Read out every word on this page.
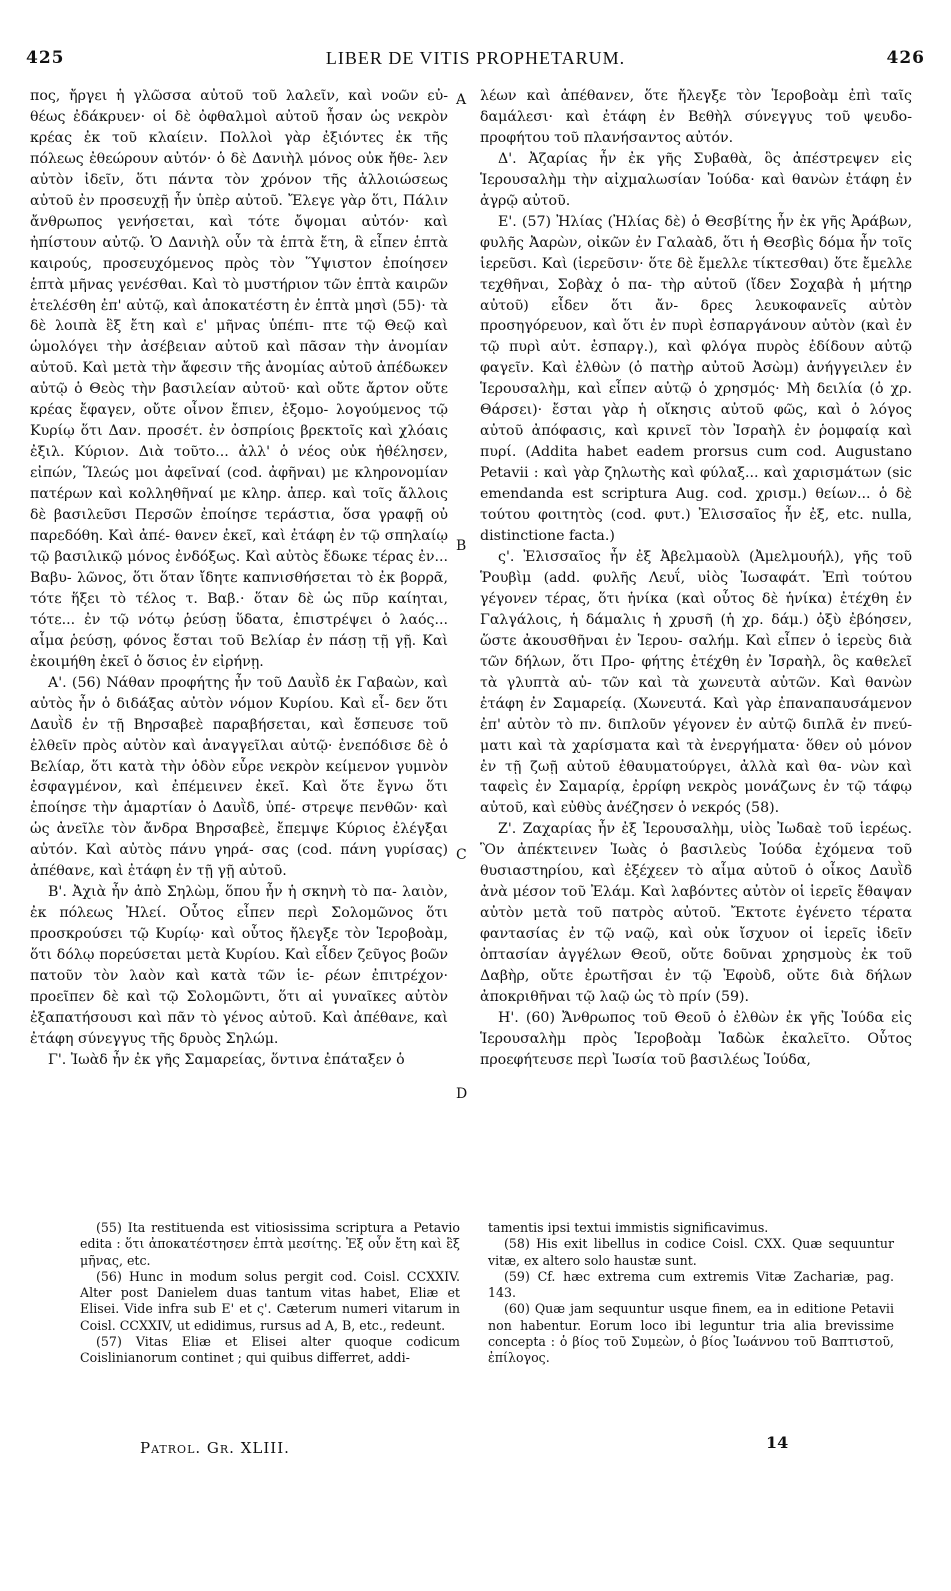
425	LIBER DE VITIS PROPHETARUM.	426

πος, ἤργει ἡ γλῶσσα αὐτοῦ τοῦ λαλεῖν, καὶ νοῶν εὐ- θέως ἐδάκρυεν· οἱ δὲ ὀφθαλμοὶ αὐτοῦ ἦσαν ὡς νεκρὸν κρέας ἐκ τοῦ κλαίειν. Πολλοὶ γὰρ ἐξιόντες ἐκ τῆς πόλεως ἐθεώρουν αὐτόν· ὁ δὲ Δανιὴλ μόνος οὐκ ἤθε- λεν αὐτὸν ἰδεῖν, ὅτι πάντα τὸν χρόνον τῆς ἀλλοιώσεως αὐτοῦ ἐν προσευχῇ ἦν ὑπὲρ αὐτοῦ. Ἔλεγε γὰρ ὅτι, Πάλιν ἄνθρωπος γενήσεται, καὶ τότε ὄψομαι αὐτόν· καὶ ἠπίστουν αὐτῷ. Ὁ Δανιὴλ οὖν τὰ ἑπτὰ ἔτη, ἃ εἶπεν ἑπτὰ καιρούς, προσευχόμενος πρὸς τὸν Ὕψιστον ἐποίησεν ἑπτὰ μῆνας γενέσθαι. Καὶ τὸ μυστήριον τῶν ἑπτὰ καιρῶν ἐτελέσθη ἐπ' αὐτῷ, καὶ ἀποκατέστη ἐν ἑπτὰ μησὶ (55)· τὰ δὲ λοιπὰ ἓξ ἔτη καὶ ε' μῆνας ὑπέπι- πτε τῷ Θεῷ καὶ ὡμολόγει τὴν ἀσέβειαν αὐτοῦ καὶ πᾶσαν τὴν ἀνομίαν αὐτοῦ. Καὶ μετὰ τὴν ἄφεσιν τῆς ἀνομίας αὐτοῦ ἀπέδωκεν αὐτῷ ὁ Θεὸς τὴν βασιλείαν αὐτοῦ· καὶ οὔτε ἄρτον οὔτε κρέας ἔφαγεν, οὔτε οἶνον ἔπιεν, ἐξομο- λογούμενος τῷ Κυρίῳ ὅτι Δαν. προσέτ. ἐν ὀσπρίοις βρεκτοῖς καὶ χλόαις ἐξιλ. Κύριον. Διὰ τοῦτο... ἀλλ' ὁ νέος οὐκ ἠθέλησεν, εἰπών, Ἵλεώς μοι ἀφεῖναί (cod. ἀφῆναι) με κληρονομίαν πατέρων καὶ κολληθῆναί με κληρ. ἀπερ. καὶ τοῖς ἄλλοις δὲ βασιλεῦσι Περσῶν ἐποίησε τεράστια, ὅσα γραφῇ οὐ παρεδόθη. Καὶ ἀπέ- θανεν ἐκεῖ, καὶ ἐτάφη ἐν τῷ σπηλαίῳ τῷ βασιλικῷ μόνος ἐνδόξως. Καὶ αὐτὸς ἔδωκε τέρας ἐν... Βαβυ- λῶνος, ὅτι ὅταν ἴδητε καπνισθήσεται τὸ ἐκ βορρᾶ, τότε ἥξει τὸ τέλος τ. Βαβ.· ὅταν δὲ ὡς πῦρ καίηται, τότε... ἐν τῷ νότῳ ῥεύσῃ ὕδατα, ἐπιστρέψει ὁ λαός... αἷμα ῥεύσῃ, φόνος ἔσται τοῦ Βελίαρ ἐν πάσῃ τῇ γῇ. Καὶ ἐκοιμήθη ἐκεῖ ὁ ὅσιος ἐν εἰρήνῃ.

Α'. (56) Νάθαν προφήτης ἦν τοῦ Δαυῒδ ἐκ Γαβαὼν, καὶ αὐτὸς ἦν ὁ διδάξας αὐτὸν νόμον Κυρίου. Καὶ εἶ- δεν ὅτι Δαυῒδ ἐν τῇ Βηρσαβεὲ παραβήσεται, καὶ ἔσπευσε τοῦ ἐλθεῖν πρὸς αὐτὸν καὶ ἀναγγεῖλαι αὐτῷ· ἐνεπόδισε δὲ ὁ Βελίαρ, ὅτι κατὰ τὴν ὁδὸν εὗρε νεκρὸν κείμενον γυμνὸν ἐσφαγμένον, καὶ ἐπέμεινεν ἐκεῖ. Καὶ ὅτε ἔγνω ὅτι ἐποίησε τὴν ἁμαρτίαν ὁ Δαυῒδ, ὑπέ- στρεψε πενθῶν· καὶ ὡς ἀνεῖλε τὸν ἄνδρα Βηρσαβεὲ, ἔπεμψε Κύριος ἐλέγξαι αὐτόν. Καὶ αὐτὸς πάνυ γηρά- σας (cod. πάνη γυρίσας) ἀπέθανε, καὶ ἐτάφη ἐν τῇ γῇ αὐτοῦ.

Β'. Ἀχιὰ ἦν ἀπὸ Σηλὼμ, ὅπου ἦν ἡ σκηνὴ τὸ πα- λαιὸν, ἐκ πόλεως Ἠλεί. Οὗτος εἶπεν περὶ Σολομῶνος ὅτι προσκρούσει τῷ Κυρίῳ· καὶ οὗτος ἤλεγξε τὸν Ἱεροβοὰμ, ὅτι δόλῳ πορεύσεται μετὰ Κυρίου. Καὶ εἶδεν ζεῦγος βοῶν πατοῦν τὸν λαὸν καὶ κατὰ τῶν ἱε- ρέων ἐπιτρέχον· προεῖπεν δὲ καὶ τῷ Σολομῶντι, ὅτι αἱ γυναῖκες αὐτὸν ἐξαπατήσουσι καὶ πᾶν τὸ γένος αὐτοῦ. Καὶ ἀπέθανε, καὶ ἐτάφη σύνεγγυς τῆς δρυὸς Σηλώμ.

Γ'. Ἰωὰδ ἦν ἐκ γῆς Σαμαρείας, ὅντινα ἐπάταξεν ὁ

A
B
C
D

λέων καὶ ἀπέθανεν, ὅτε ἤλεγξε τὸν Ἱεροβοὰμ ἐπὶ ταῖς δαμάλεσι· καὶ ἐτάφη ἐν Βεθὴλ σύνεγγυς τοῦ ψευδο- προφήτου τοῦ πλανήσαντος αὐτόν.

Δ'. Ἀζαρίας ἦν ἐκ γῆς Συβαθὰ, ὃς ἀπέστρεψεν εἰς Ἱερουσαλὴμ τὴν αἰχμαλωσίαν Ἰούδα· καὶ θανὼν ἐτάφη ἐν ἀγρῷ αὐτοῦ.

Ε'. (57) Ἠλίας (Ἠλίας δὲ) ὁ Θεσβίτης ἦν ἐκ γῆς Ἀράβων, φυλῆς Ἀαρὼν, οἰκῶν ἐν Γαλαὰδ, ὅτι ἡ Θεσβὶς δόμα ἦν τοῖς ἱερεῦσι. Καὶ (ἱερεῦσιν· ὅτε δὲ ἔμελλε τίκτεσθαι) ὅτε ἔμελλε τεχθῆναι, Σοβὰχ ὁ πα- τὴρ αὐτοῦ (ἴδεν Σοχαβὰ ἡ μήτηρ αὐτοῦ) εἶδεν ὅτι ἄν- δρες λευκοφανεῖς αὐτὸν προσηγόρευον, καὶ ὅτι ἐν πυρὶ ἐσπαργάνουν αὐτὸν (καὶ ἐν τῷ πυρὶ αὐτ. ἐσπαργ.), καὶ φλόγα πυρὸς ἐδίδουν αὐτῷ φαγεῖν. Καὶ ἐλθὼν (ὁ πατὴρ αὐτοῦ Ἀσὼμ) ἀνήγγειλεν ἐν Ἱερουσαλὴμ, καὶ εἶπεν αὐτῷ ὁ χρησμός· Μὴ δειλία (ὁ χρ. Θάρσει)· ἔσται γὰρ ἡ οἴκησις αὐτοῦ φῶς, καὶ ὁ λόγος αὐτοῦ ἀπόφασις, καὶ κρινεῖ τὸν Ἰσραὴλ ἐν ῥομφαίᾳ καὶ πυρί. (Addita habet eadem prorsus cum cod. Augustano Petavii : καὶ γὰρ ζηλωτὴς καὶ φύλαξ... καὶ χαρισμάτων (sic emendanda est scriptura Aug. cod. χρισμ.) θείων... ὁ δὲ τούτου φοιτητὸς (cod. φυτ.) Ἐλισσαῖος ἦν ἐξ, etc. nulla, distinctione facta.)

ς'. Ἐλισσαῖος ἦν ἐξ Ἀβελμαοὺλ (Ἀμελμουήλ), γῆς τοῦ Ῥουβὶμ (add. φυλῆς Λευΐ, υἱὸς Ἰωσαφάτ. Ἐπὶ τούτου γέγονεν τέρας, ὅτι ἡνίκα (καὶ οὗτος δὲ ἡνίκα) ἐτέχθη ἐν Γαλγάλοις, ἡ δάμαλις ἡ χρυσῆ (ἡ χρ. δάμ.) ὀξὺ ἐβόησεν, ὥστε ἀκουσθῆναι ἐν Ἱερου- σαλήμ. Καὶ εἶπεν ὁ ἱερεὺς διὰ τῶν δήλων, ὅτι Προ- φήτης ἐτέχθη ἐν Ἰσραὴλ, ὃς καθελεῖ τὰ γλυπτὰ αὐ- τῶν καὶ τὰ χωνευτὰ αὐτῶν. Καὶ θανὼν ἐτάφη ἐν Σαμαρείᾳ. (Χωνευτά. Καὶ γὰρ ἐπαναπαυσάμενον ἐπ' αὐτὸν τὸ πν. διπλοῦν γέγονεν ἐν αὐτῷ διπλᾶ ἐν πνεύ- ματι καὶ τὰ χαρίσματα καὶ τὰ ἐνεργήματα· ὅθεν οὐ μόνον ἐν τῇ ζωῇ αὐτοῦ ἐθαυματούργει, ἀλλὰ καὶ θα- νὼν καὶ ταφεὶς ἐν Σαμαρίᾳ, ἐρρίφη νεκρὸς μονάζωνς ἐν τῷ τάφῳ αὐτοῦ, καὶ εὐθὺς ἀνέζησεν ὁ νεκρός (58).

Ζ'. Ζαχαρίας ἦν ἐξ Ἱερουσαλὴμ, υἱὸς Ἰωδαὲ τοῦ ἱερέως. Ὃν ἀπέκτεινεν Ἰωὰς ὁ βασιλεὺς Ἰούδα ἐχόμενα τοῦ θυσιαστηρίου, καὶ ἐξέχεεν τὸ αἷμα αὐτοῦ ὁ οἶκος Δαυῒδ ἀνὰ μέσον τοῦ Ἐλάμ. Καὶ λαβόντες αὐτὸν οἱ ἱερεῖς ἔθαψαν αὐτὸν μετὰ τοῦ πατρὸς αὐτοῦ. Ἔκτοτε ἐγένετο τέρατα φαντασίας ἐν τῷ ναῷ, καὶ οὐκ ἴσχυον οἱ ἱερεῖς ἰδεῖν ὀπτασίαν ἀγγέλων Θεοῦ, οὔτε δοῦναι χρησμοὺς ἐκ τοῦ Δαβὴρ, οὔτε ἐρωτῆσαι ἐν τῷ Ἐφοὺδ, οὔτε διὰ δήλων ἀποκριθῆναι τῷ λαῷ ὡς τὸ πρίν (59).

Η'. (60) Ἄνθρωπος τοῦ Θεοῦ ὁ ἐλθὼν ἐκ γῆς Ἰούδα εἰς Ἱερουσαλὴμ πρὸς Ἱεροβοὰμ Ἰαδὼκ ἐκαλεῖτο. Οὗτος προεφήτευσε περὶ Ἰωσία τοῦ βασιλέως Ἰούδα,

(55) Ita restituenda est vitiosissima scriptura a Petavio edita : ὅτι ἀποκατέστησεν ἑπτὰ μεσίτης. Ἐξ οὖν ἔτη καὶ ἓξ μῆνας, etc.

(56) Hunc in modum solus pergit cod. Coisl. CCXXIV. Alter post Danielem duas tantum vitas habet, Eliæ et Elisei. Vide infra sub E' et ς'. Cæterum numeri vitarum in Coisl. CCXXIV, ut edidimus, rursus ad A, B, etc., redeunt.

(57) Vitas Eliæ et Elisei alter quoque codicum Coislinianorum continet ; qui quibus differret, addi-

tamentis ipsi textui immistis significavimus.

(58) His exit libellus in codice Coisl. CXX. Quæ sequuntur vitæ, ex altero solo haustæ sunt.

(59) Cf. hæc extrema cum extremis Vitæ Zachariæ, pag. 143.

(60) Quæ jam sequuntur usque finem, ea in editione Petavii non habentur. Eorum loco ibi leguntur tria alia brevissime concepta : ὁ βίος τοῦ Συμεὼν, ὁ βίος Ἰωάννου τοῦ Βαπτιστοῦ, ἐπίλογος.

Patrol. Gr. XLIII.	14
